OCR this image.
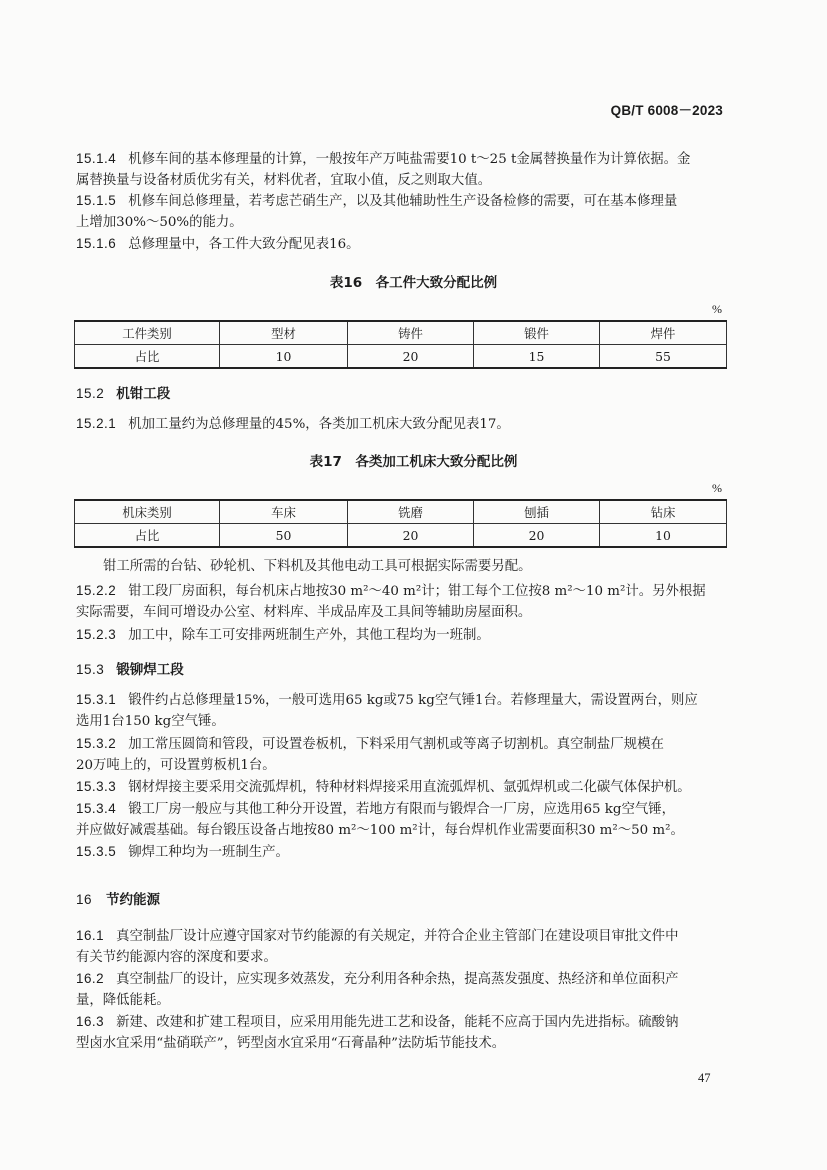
QB/T 6008－2023
15.1.4 机修车间的基本修理量的计算，一般按年产万吨盐需要10 t～25 t金属替换量作为计算依据。金
属替换量与设备材质优劣有关，材料优者，宜取小值，反之则取大值。
15.1.5 机修车间总修理量，若考虑芒硝生产，以及其他辅助性生产设备检修的需要，可在基本修理量
上增加30%～50%的能力。
15.1.6 总修理量中，各工件大致分配见表16。
表16　各工件大致分配比例
%
工件类别	型材	铸件	锻件	焊件
占比	10	20	15	55
15.2 机钳工段
15.2.1 机加工量约为总修理量的45%，各类加工机床大致分配见表17。
表17　各类加工机床大致分配比例
%
机床类别	车床	铣磨	刨插	钻床
占比	50	20	20	10
钳工所需的台钻、砂轮机、下料机及其他电动工具可根据实际需要另配。
15.2.2 钳工段厂房面积，每台机床占地按30 m²～40 m²计；钳工每个工位按8 m²～10 m²计。另外根据
实际需要，车间可增设办公室、材料库、半成品库及工具间等辅助房屋面积。
15.2.3 加工中，除车工可安排两班制生产外，其他工程均为一班制。
15.3 锻铆焊工段
15.3.1 锻件约占总修理量15%，一般可选用65 kg或75 kg空气锤1台。若修理量大，需设置两台，则应
选用1台150 kg空气锤。
15.3.2 加工常压圆筒和管段，可设置卷板机，下料采用气割机或等离子切割机。真空制盐厂规模在
20万吨上的，可设置剪板机1台。
15.3.3 钢材焊接主要采用交流弧焊机，特种材料焊接采用直流弧焊机、氩弧焊机或二化碳气体保护机。
15.3.4 锻工厂房一般应与其他工种分开设置，若地方有限而与锻焊合一厂房，应选用65 kg空气锤，
并应做好减震基础。每台锻压设备占地按80 m²～100 m²计，每台焊机作业需要面积30 m²～50 m²。
15.3.5 铆焊工种均为一班制生产。
16 节约能源
16.1 真空制盐厂设计应遵守国家对节约能源的有关规定，并符合企业主管部门在建设项目审批文件中
有关节约能源内容的深度和要求。
16.2 真空制盐厂的设计，应实现多效蒸发，充分利用各种余热，提高蒸发强度、热经济和单位面积产
量，降低能耗。
16.3 新建、改建和扩建工程项目，应采用用能先进工艺和设备，能耗不应高于国内先进指标。硫酸钠
型卤水宜采用“盐硝联产”，钙型卤水宜采用“石膏晶种”法防垢节能技术。
47
